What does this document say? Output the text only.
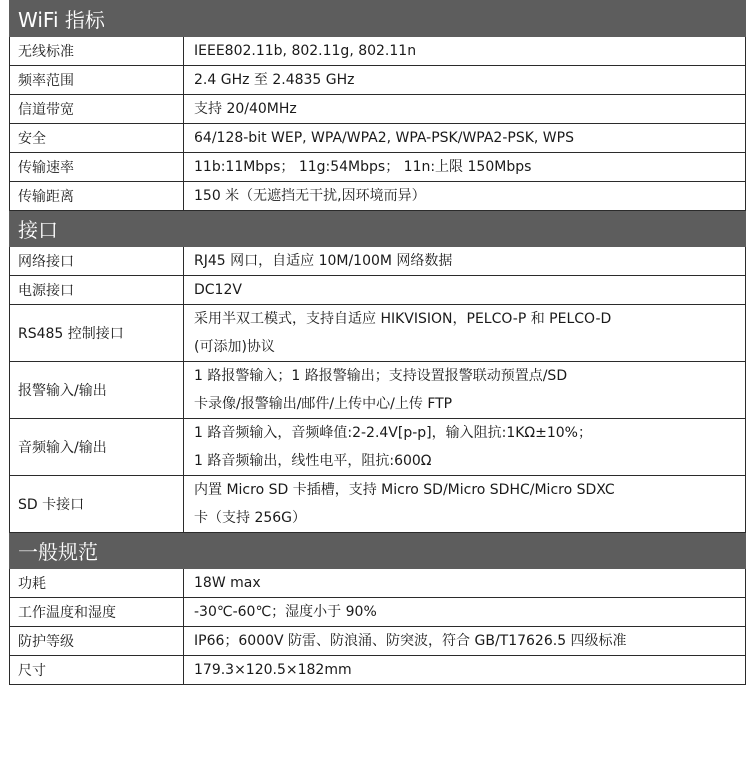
WiFi 指标	
无线标准	IEEE802.11b, 802.11g, 802.11n

频率范围	2.4 GHz 至 2.4835 GHz

信道带宽	支持 20/40MHz

安全	64/128-bit WEP, WPA/WPA2, WPA-PSK/WPA2-PSK, WPS

传输速率	11b:11Mbps； 11g:54Mbps； 11n:上限 150Mbps

传输距离	150 米（无遮挡无干扰,因环境而异）

接口	
网络接口	RJ45 网口，自适应 10M/100M 网络数据

电源接口	DC12V

RS485 控制接口	采用半双工模式，支持自适应 HIKVISION，PELCO-P 和 PELCO-D
(可添加)协议

报警输入/输出	1 路报警输入；1 路报警输出；支持设置报警联动预置点/SD
卡录像/报警输出/邮件/上传中心/上传 FTP

音频输入/输出	1 路音频输入，音频峰值:2-2.4V[p-p]，输入阻抗:1KΩ±10%；
1 路音频输出，线性电平，阻抗:600Ω

SD 卡接口	内置 Micro SD 卡插槽，支持 Micro SD/Micro SDHC/Micro SDXC
卡（支持 256G）

一般规范	
功耗	18W max

工作温度和湿度	-30℃-60℃；湿度小于 90%

防护等级	IP66；6000V 防雷、防浪涌、防突波，符合 GB/T17626.5 四级标准

尺寸	179.3×120.5×182mm
